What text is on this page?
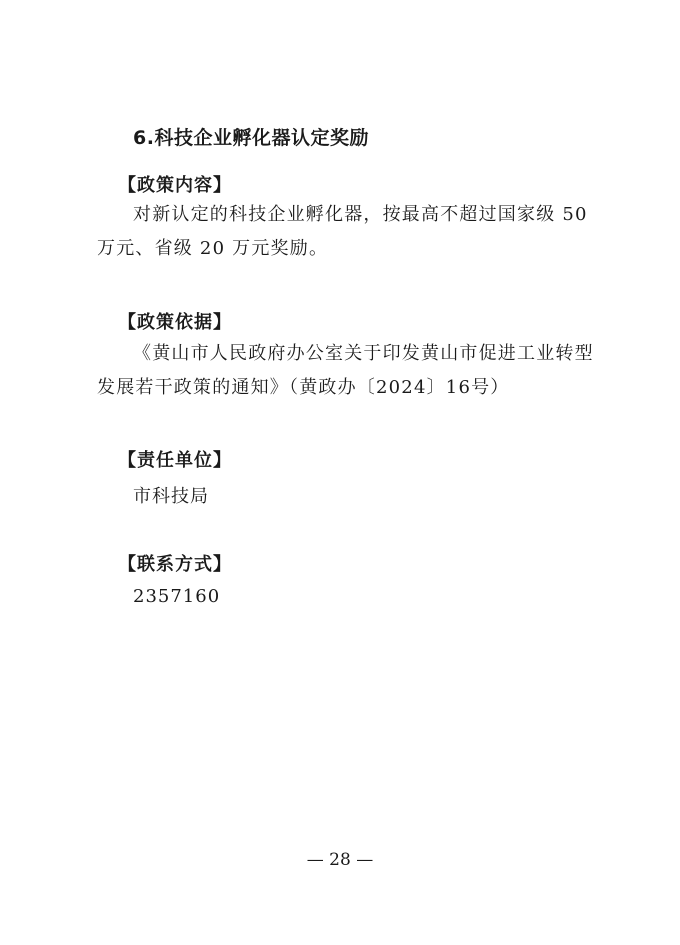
6.科技企业孵化器认定奖励
【政策内容】
对新认定的科技企业孵化器，按最高不超过国家级 50 万元、省级 20 万元奖励。
【政策依据】
《黄山市人民政府办公室关于印发黄山市促进工业转型发展若干政策的通知》（黄政办〔2024〕16号）
【责任单位】
市科技局
【联系方式】
2357160
— 28 —
